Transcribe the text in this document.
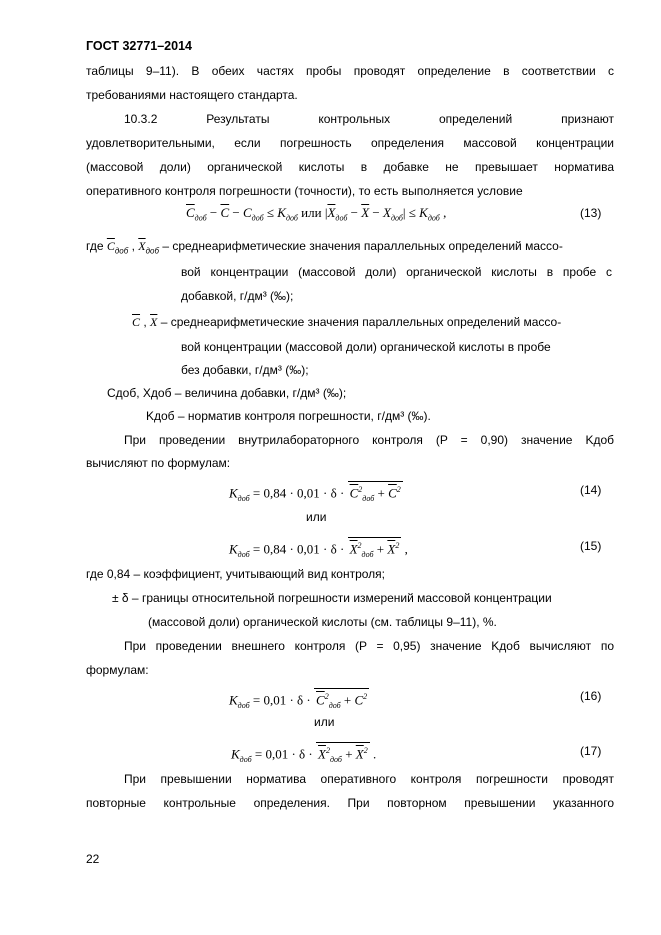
ГОСТ 32771–2014
таблицы 9–11). В обеих частях пробы проводят определение в соответствии с
требованиями настоящего стандарта.
10.3.2 Результаты контрольных определений признают
удовлетворительными, если погрешность определения массовой концентрации
(массовой доли) органической кислоты в добавке не превышает норматива
оперативного контроля погрешности (точности), то есть выполняется условие
$\overline{C}_{доб} - \overline{C} - C_{доб} \le K_{доб}$ или $|\overline{X}_{доб} - \overline{X} - X_{доб}| \le K_{доб}$ ,	(13)
где $\overline{C}_{доб}$ , $\overline{X}_{доб}$ – среднеарифметические значения параллельных определений массо-
вой концентрации (массовой доли) органической кислоты в пробе с
добавкой, г/дм³ (‰);
$\overline{C}$ , $\overline{X}$ – среднеарифметические значения параллельных определений массо-
вой концентрации (массовой доли) органической кислоты в пробе
без добавки, г/дм³ (‰);
Cдоб, Xдоб – величина добавки, г/дм³ (‰);
Kдоб – норматив контроля погрешности, г/дм³ (‰).
При проведении внутрилабораторного контроля (P = 0,90) значение Kдоб
вычисляют по формулам:
$K_{доб} = 0,84 \cdot 0,01 \cdot \delta \cdot \overline{C}^2_{доб} + \overline{C}^2$	(14)
или
$K_{доб} = 0,84 \cdot 0,01 \cdot \delta \cdot \overline{X}^2_{доб} + \overline{X}^2$ ,	(15)
где 0,84 – коэффициент, учитывающий вид контроля;
± δ – границы относительной погрешности измерений массовой концентрации
(массовой доли) органической кислоты (см. таблицы 9–11), %.
При проведении внешнего контроля (P = 0,95) значение Kдоб вычисляют по
формулам:
$K_{доб} = 0,01 \cdot \delta \cdot \overline{C}^2_{доб} + C^2$	(16)
или
$K_{доб} = 0,01 \cdot \delta \cdot \overline{X}^2_{доб} + \overline{X}^2$ .	(17)
При превышении норматива оперативного контроля погрешности проводят
повторные контрольные определения. При повторном превышении указанного
22
